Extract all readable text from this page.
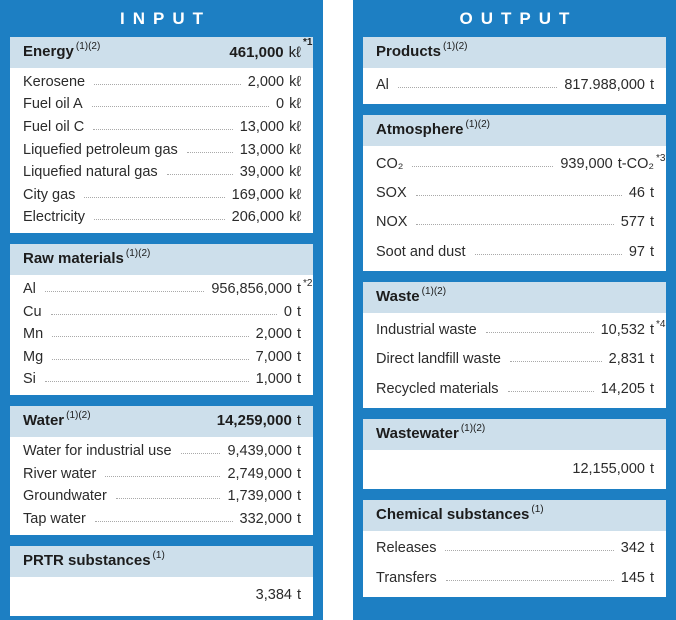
INPUT
Energy$^{(1)(2)}$	461,000 kℓ$^{*1}$
Kerosene	2,000 kℓ
Fuel oil A	0 kℓ
Fuel oil C	13,000 kℓ
Liquefied petroleum gas	13,000 kℓ
Liquefied natural gas	39,000 kℓ
City gas	169,000 kℓ
Electricity	206,000 kℓ
Raw materials$^{(1)(2)}$
Al	956,856,000 $t^{*2}$
Cu	0 t
Mn	2,000 t
Mg	7,000 t
Si	1,000 t
Water$^{(1)(2)}$	14,259,000 t
Water for industrial use	9,439,000 t
River water	2,749,000 t
Groundwater	1,739,000 t
Tap water	332,000 t
PRTR substances$^{(1)}$
3,384 t
OUTPUT
Products$^{(1)(2)}$
Al	817.988,000 t
Atmosphere$^{(1)(2)}$
CO₂	939,000 t-CO₂$^{*3}$
SOX	46 t
NOX	577 t
Soot and dust	97 t
Waste$^{(1)(2)}$
Industrial waste	10,532 $t^{*4}$
Direct landfill waste	2,831 t
Recycled materials	14,205 t
Wastewater$^{(1)(2)}$
12,155,000 t
Chemical substances$^{(1)}$
Releases	342 t
Transfers	145 t
